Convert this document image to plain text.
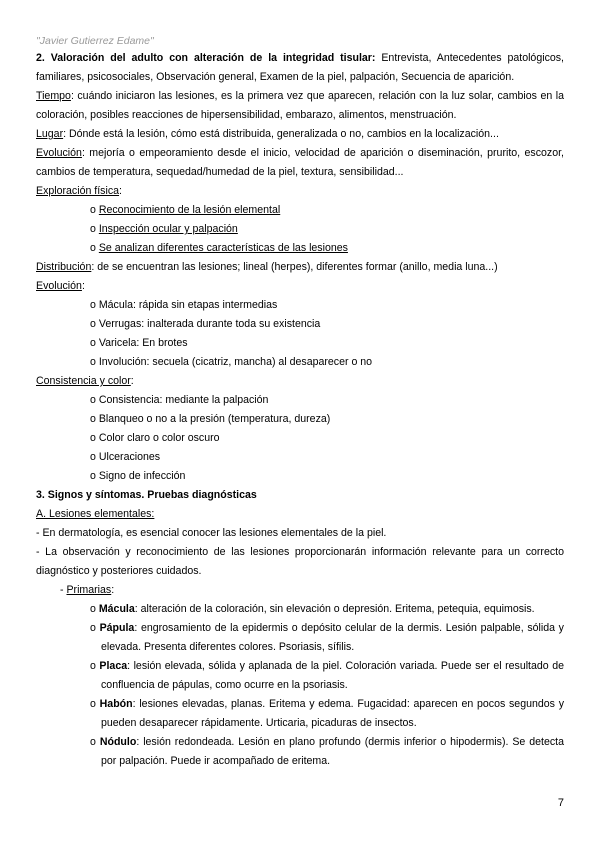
"Javier Gutierrez Edame"

2. Valoración del adulto con alteración de la integridad tisular: Entrevista, Antecedentes patológicos, familiares, psicosociales, Observación general, Examen de la piel, palpación, Secuencia de aparición.

Tiempo: cuándo iniciaron las lesiones, es la primera vez que aparecen, relación con la luz solar, cambios en la coloración, posibles reacciones de hipersensibilidad, embarazo, alimentos, menstruación.

Lugar: Dónde está la lesión, cómo está distribuida, generalizada o no, cambios en la localización...

Evolución: mejoría o empeoramiento desde el inicio, velocidad de aparición o diseminación, prurito, escozor, cambios de temperatura, sequedad/humedad de la piel, textura, sensibilidad...

Exploración física:

o Reconocimiento de la lesión elemental

o Inspección ocular y palpación

o Se analizan diferentes características de las lesiones

Distribución: de se encuentran las lesiones; lineal (herpes), diferentes formar (anillo, media luna...)

Evolución:

o Mácula: rápida sin etapas intermedias

o Verrugas: inalterada durante toda su existencia

o Varicela: En brotes

o Involución: secuela (cicatriz, mancha) al desaparecer o no

Consistencia y color:

o Consistencia: mediante la palpación

o Blanqueo o no a la presión (temperatura, dureza)

o Color claro o color oscuro

o Ulceraciones

o Signo de infección

3. Signos y síntomas. Pruebas diagnósticas

A. Lesiones elementales:

- En dermatología, es esencial conocer las lesiones elementales de la piel.

- La observación y reconocimiento de las lesiones proporcionarán información relevante para un correcto diagnóstico y posteriores cuidados.

- Primarias:

o Mácula: alteración de la coloración, sin elevación o depresión. Eritema, petequia, equimosis.

o Pápula: engrosamiento de la epidermis o depósito celular de la dermis. Lesión palpable, sólida y elevada. Presenta diferentes colores. Psoriasis, sífilis.

o Placa: lesión elevada, sólida y aplanada de la piel. Coloración variada. Puede ser el resultado de confluencia de pápulas, como ocurre en la psoriasis.

o Habón: lesiones elevadas, planas. Eritema y edema. Fugacidad: aparecen en pocos segundos y pueden desaparecer rápidamente. Urticaria, picaduras de insectos.

o Nódulo: lesión redondeada. Lesión en plano profundo (dermis inferior o hipodermis). Se detecta por palpación. Puede ir acompañado de eritema.

7
